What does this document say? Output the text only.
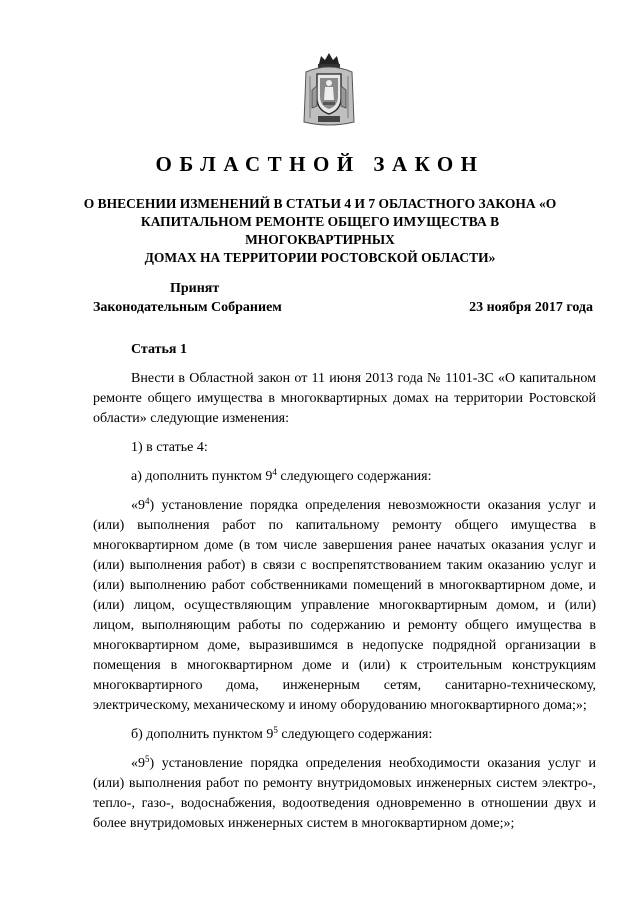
ОБЛАСТНОЙ ЗАКОН
О ВНЕСЕНИИ ИЗМЕНЕНИЙ В СТАТЬИ 4 И 7 ОБЛАСТНОГО ЗАКОНА «О
КАПИТАЛЬНОМ РЕМОНТЕ ОБЩЕГО ИМУЩЕСТВА В МНОГОКВАРТИРНЫХ
ДОМАХ НА ТЕРРИТОРИИ РОСТОВСКОЙ ОБЛАСТИ»
Принят
Законодательным Собранием	23 ноября 2017 года

Статья 1

Внести в Областной закон от 11 июня 2013 года № 1101-ЗС «О капитальном ремонте общего имущества в многоквартирных домах на территории Ростовской области» следующие изменения:

1) в статье 4:

а) дополнить пунктом $9^4$ следующего содержания:

«$9^4$) установление порядка определения невозможности оказания услуг и (или) выполнения работ по капитальному ремонту общего имущества в многоквартирном доме (в том числе завершения ранее начатых оказания услуг и (или) выполнения работ) в связи с воспрепятствованием таким оказанию услуг и (или) выполнению работ собственниками помещений в многоквартирном доме, и (или) лицом, осуществляющим управление многоквартирным домом, и (или) лицом, выполняющим работы по содержанию и ремонту общего имущества в многоквартирном доме, выразившимся в недопуске подрядной организации в помещения в многоквартирном доме и (или) к строительным конструкциям многоквартирного дома, инженерным сетям, санитарно-техническому, электрическому, механическому и иному оборудованию многоквартирного дома;»;

б) дополнить пунктом $9^5$ следующего содержания:

«$9^5$) установление порядка определения необходимости оказания услуг и (или) выполнения работ по ремонту внутридомовых инженерных систем электро-, тепло-, газо-, водоснабжения, водоотведения одновременно в отношении двух и более внутридомовых инженерных систем в многоквартирном доме;»;
